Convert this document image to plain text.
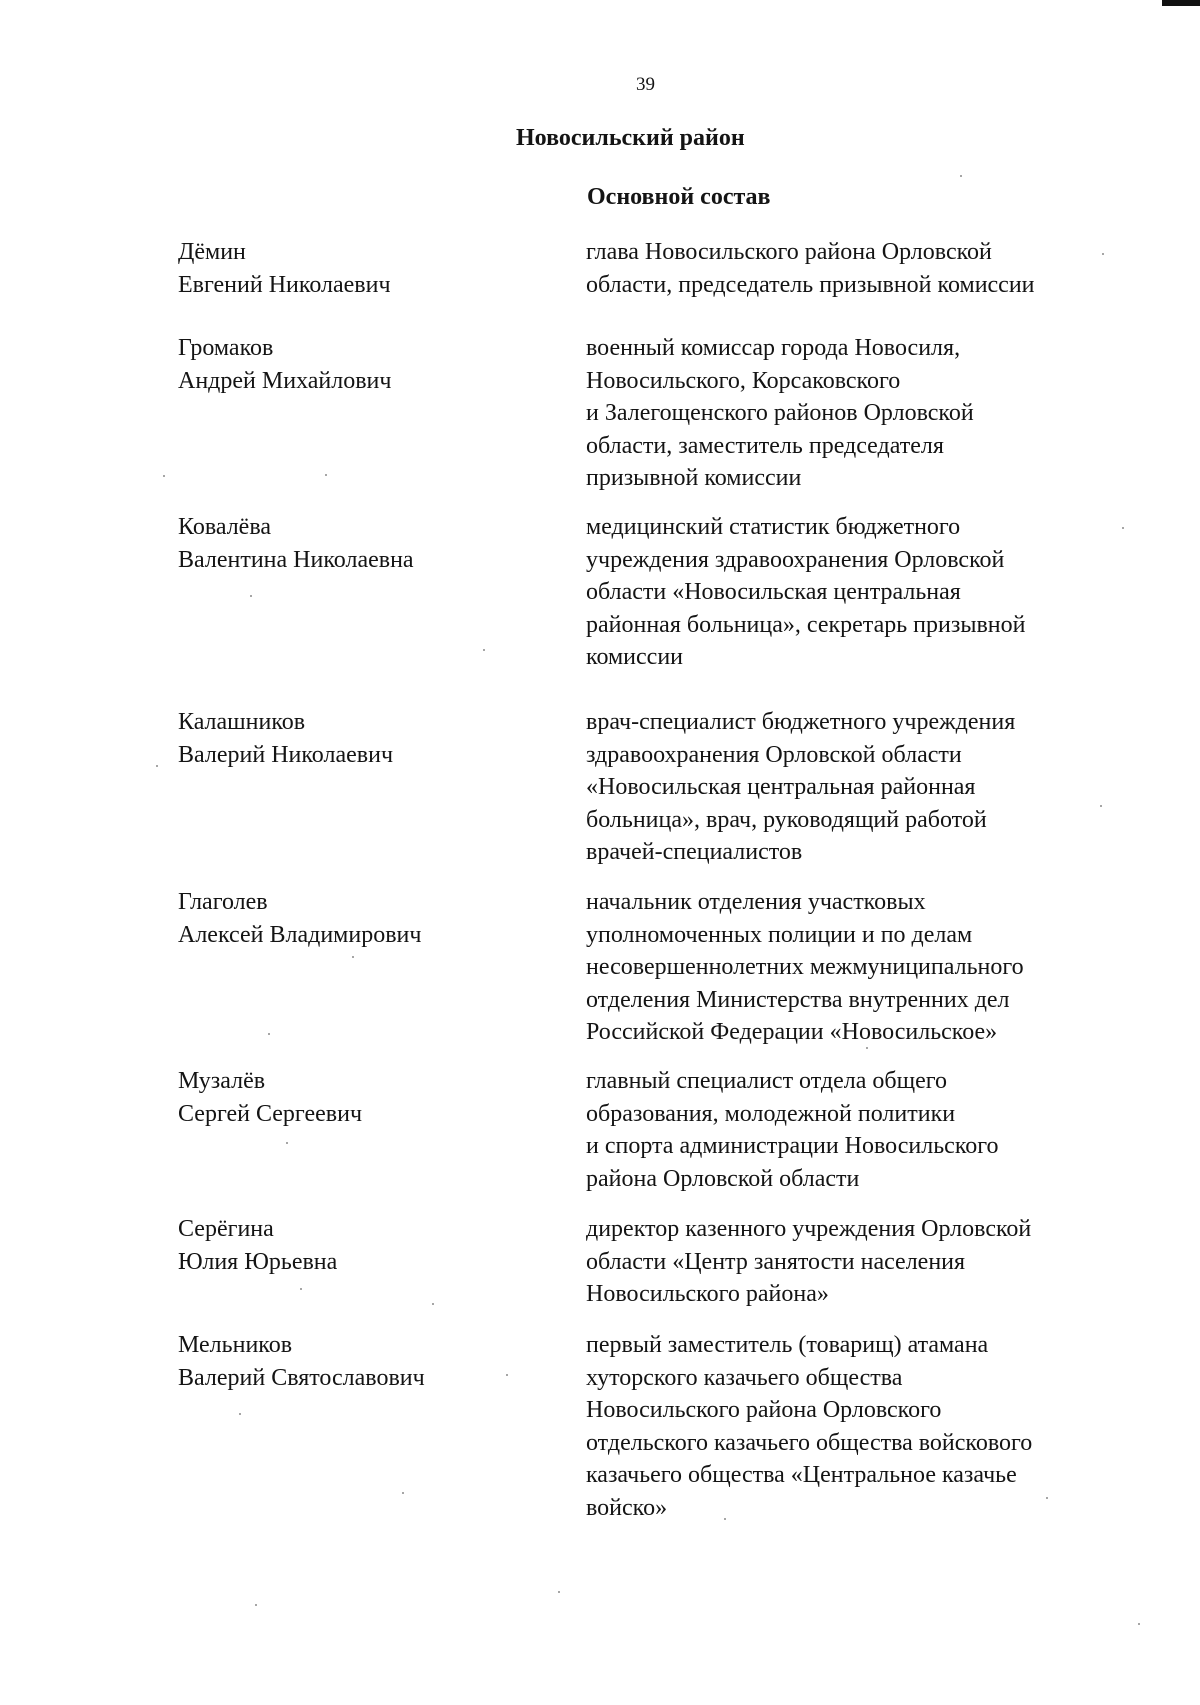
39
Новосильский район
Основной состав
Дёмин
Евгений Николаевич
глава Новосильского района Орловской
области, председатель призывной комиссии
Громаков
Андрей Михайлович
военный комиссар города Новосиля,
Новосильского, Корсаковского
и Залегощенского районов Орловской
области, заместитель председателя
призывной комиссии
Ковалёва
Валентина Николаевна
медицинский статистик бюджетного
учреждения здравоохранения Орловской
области «Новосильская центральная
районная больница», секретарь призывной
комиссии
Калашников
Валерий Николаевич
врач-специалист бюджетного учреждения
здравоохранения Орловской области
«Новосильская центральная районная
больница», врач, руководящий работой
врачей-специалистов
Глаголев
Алексей Владимирович
начальник отделения участковых
уполномоченных полиции и по делам
несовершеннолетних межмуниципального
отделения Министерства внутренних дел
Российской Федерации «Новосильское»
Музалёв
Сергей Сергеевич
главный специалист отдела общего
образования, молодежной политики
и спорта администрации Новосильского
района Орловской области
Серёгина
Юлия Юрьевна
директор казенного учреждения Орловской
области «Центр занятости населения
Новосильского района»
Мельников
Валерий Святославович
первый заместитель (товарищ) атамана
хуторского казачьего общества
Новосильского района Орловского
отдельского казачьего общества войскового
казачьего общества «Центральное казачье
войско»
